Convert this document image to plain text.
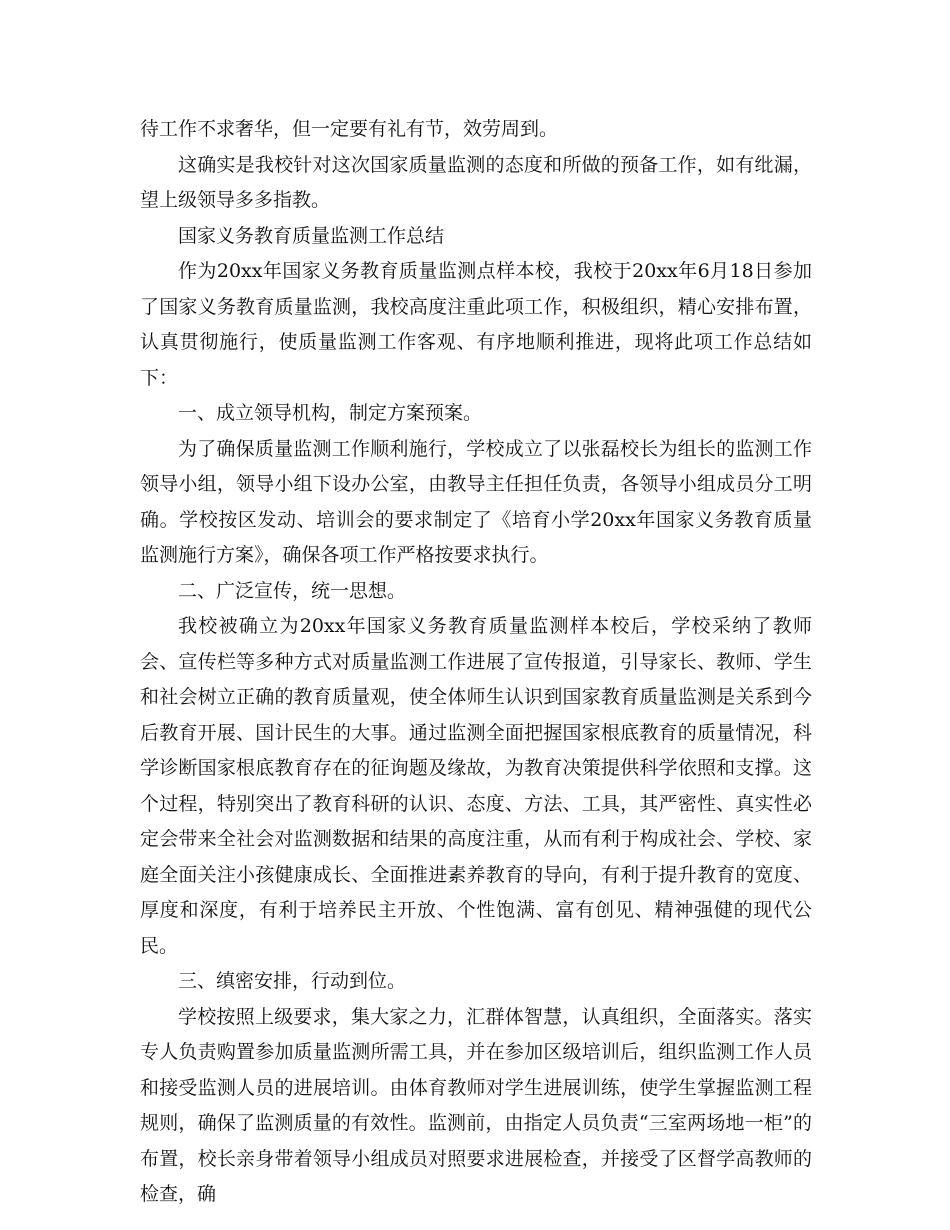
待工作不求奢华，但一定要有礼有节，效劳周到。

这确实是我校针对这次国家质量监测的态度和所做的预备工作，如有纰漏，望上级领导多多指教。

国家义务教育质量监测工作总结

作为20xx年国家义务教育质量监测点样本校，我校于20xx年6月18日参加了国家义务教育质量监测，我校高度注重此项工作，积极组织，精心安排布置，认真贯彻施行，使质量监测工作客观、有序地顺利推进，现将此项工作总结如下：

一、成立领导机构，制定方案预案。

为了确保质量监测工作顺利施行，学校成立了以张磊校长为组长的监测工作领导小组，领导小组下设办公室，由教导主任担任负责，各领导小组成员分工明确。学校按区发动、培训会的要求制定了《培育小学20xx年国家义务教育质量监测施行方案》，确保各项工作严格按要求执行。

二、广泛宣传，统一思想。

我校被确立为20xx年国家义务教育质量监测样本校后，学校采纳了教师会、宣传栏等多种方式对质量监测工作进展了宣传报道，引导家长、教师、学生和社会树立正确的教育质量观，使全体师生认识到国家教育质量监测是关系到今后教育开展、国计民生的大事。通过监测全面把握国家根底教育的质量情况，科学诊断国家根底教育存在的征询题及缘故，为教育决策提供科学依照和支撑。这个过程，特别突出了教育科研的认识、态度、方法、工具，其严密性、真实性必定会带来全社会对监测数据和结果的高度注重，从而有利于构成社会、学校、家庭全面关注小孩健康成长、全面推进素养教育的导向，有利于提升教育的宽度、厚度和深度，有利于培养民主开放、个性饱满、富有创见、精神强健的现代公民。

三、缜密安排，行动到位。

学校按照上级要求，集大家之力，汇群体智慧，认真组织，全面落实。落实专人负责购置参加质量监测所需工具，并在参加区级培训后，组织监测工作人员和接受监测人员的进展培训。由体育教师对学生进展训练，使学生掌握监测工程规则，确保了监测质量的有效性。监测前，由指定人员负责“三室两场地一柜”的布置，校长亲身带着领导小组成员对照要求进展检查，并接受了区督学高教师的检查，确
